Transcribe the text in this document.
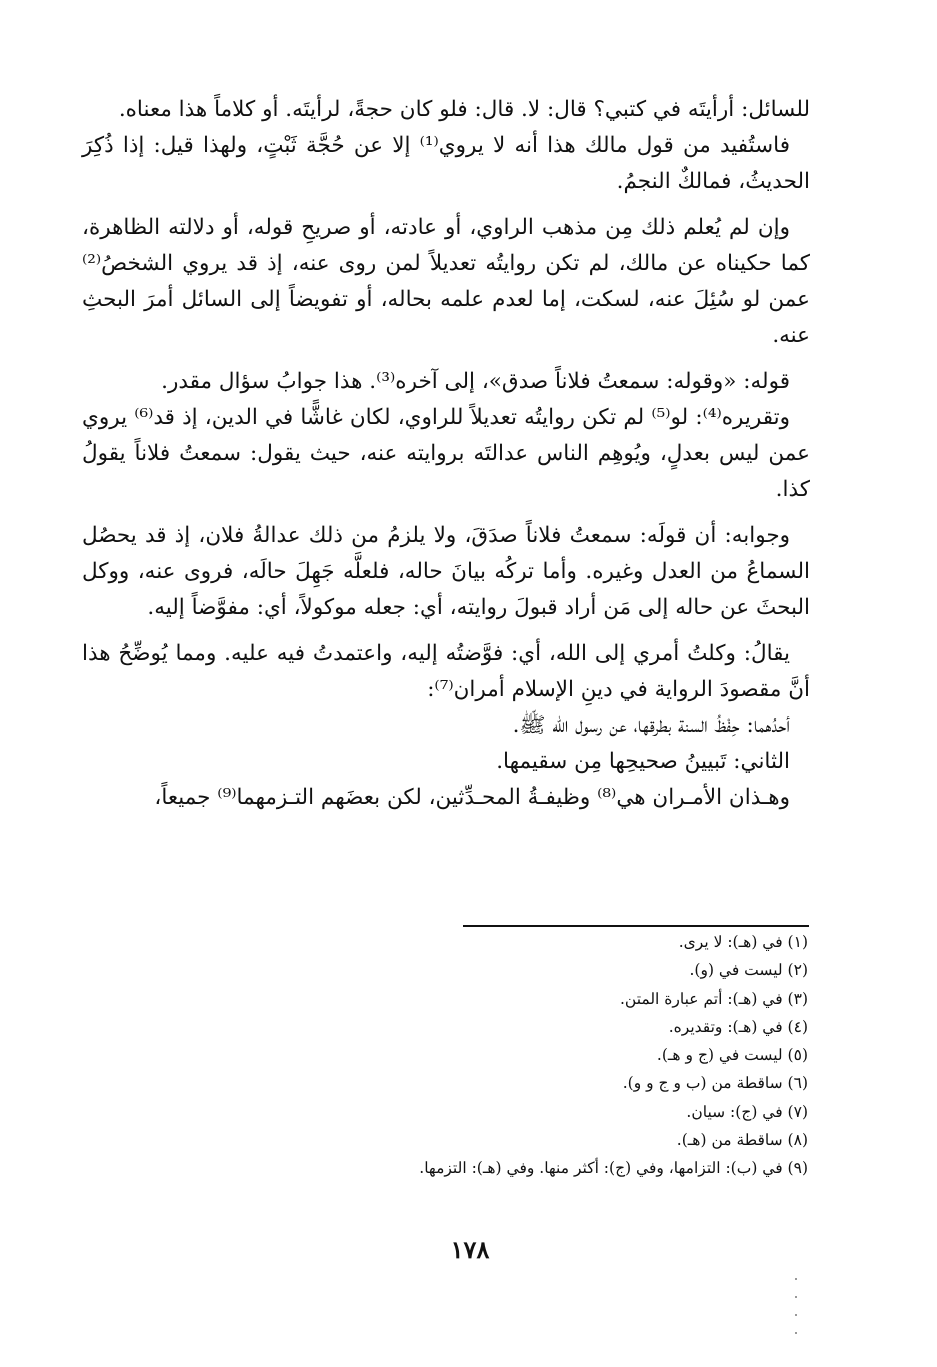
للسائل: أرأيتَه في كتبي؟ قال: لا. قال: فلو كان حجةً، لرأيتَه. أو كلاماً هذا معناه.

فاستُفيد من قول مالك هذا أنه لا يروي⁽¹⁾ إلا عن حُجَّة ثَبْتٍ، ولهذا قيل: إذا ذُكِرَ الحديثُ، فمالكٌ النجمُ.

وإن لم يُعلم ذلك مِن مذهب الراوي، أو عادته، أو صريحِ قوله، أو دلالته الظاهرة، كما حكيناه عن مالك، لم تكن روايتُه تعديلاً لمن روى عنه، إذ قد يروي الشخصُ⁽²⁾ عمن لو سُئِلَ عنه، لسكت، إما لعدم علمه بحاله، أو تفويضاً إلى السائل أمرَ البحثِ عنه.

قوله: «وقوله: سمعتُ فلاناً صدق»، إلى آخره⁽³⁾. هذا جوابُ سؤال مقدر.

وتقريره⁽⁴⁾: لو⁽⁵⁾ لم تكن روايتُه تعديلاً للراوي، لكان غاشًّا في الدين، إذ قد⁽⁶⁾ يروي عمن ليس بعدلٍ، ويُوهِم الناس عدالتَه بروايته عنه، حيث يقول: سمعتُ فلاناً يقولُ كذا.

وجوابه: أن قولَه: سمعتُ فلاناً صدَقَ، ولا يلزمُ من ذلك عدالةُ فلان، إذ قد يحصُل السماعُ من العدل وغيره. وأما تركُه بيانَ حاله، فلعلَّه جَهِلَ حالَه، فروى عنه، ووكل البحثَ عن حاله إلى مَن أراد قبولَ روايته، أي: جعله موكولاً، أي: مفوَّضاً إليه.

يقالُ: وكلتُ أمري إلى الله، أي: فوَّضتُه إليه، واعتمدتُ فيه عليه. ومما يُوضِّحُ هذا أنَّ مقصودَ الرواية في دينِ الإسلام أمران⁽⁷⁾:

أحدُهما: حِفْظُ السنة بطرقها، عن رسول الله ﷺ.

الثاني: تَبيينُ صحيحِها مِن سقيمها.

وهـذان الأمـران هي⁽⁸⁾ وظيفـةُ المحـدِّثين، لكن بعضَهم التـزمهما⁽⁹⁾ جميعاً،

(١) في (هـ): لا يرى.

(٢) ليست في (و).

(٣) في (هـ): أتم عبارة المتن.

(٤) في (هـ): وتقديره.

(٥) ليست في (ج و هـ).

(٦) ساقطة من (ب و ج و و).

(٧) في (ج): سيان.

(٨) ساقطة من (هـ).

(٩) في (ب): التزامها، وفي (ج): أكثر منها. وفي (هـ): التزمها.

١٧٨
